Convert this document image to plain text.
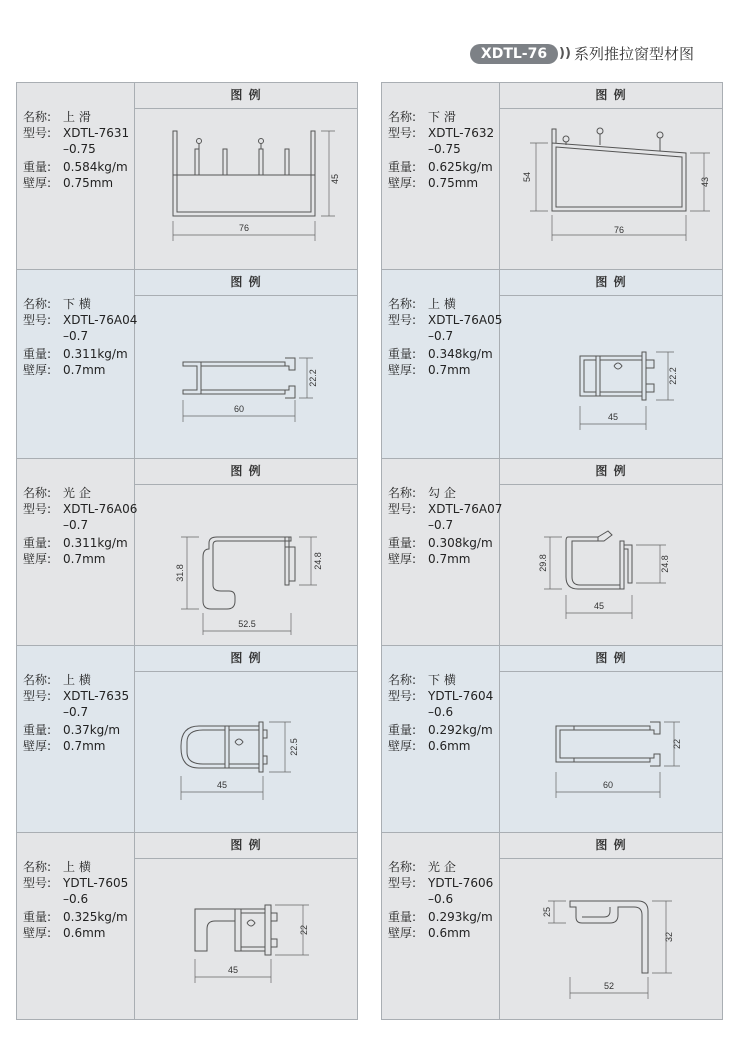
XDTL-76 )) 系列推拉窗型材图
名称: 上 滑
型号: XDTL-7631
–0.75
重量: 0.584kg/m
壁厚: 0.75mm
图 例
45
76
名称: 下 横
型号: XDTL-76A04
–0.7
重量: 0.311kg/m
壁厚: 0.7mm
图 例
22.2
60
名称: 光 企
型号: XDTL-76A06
–0.7
重量: 0.311kg/m
壁厚: 0.7mm
图 例
31.8
24.8
52.5
名称: 上 横
型号: XDTL-7635
–0.7
重量: 0.37kg/m
壁厚: 0.7mm
图 例
22.5
45
名称: 上 横
型号: YDTL-7605
–0.6
重量: 0.325kg/m
壁厚: 0.6mm
图 例
22
45
名称: 下 滑
型号: XDTL-7632
–0.75
重量: 0.625kg/m
壁厚: 0.75mm
图 例
54	43
76
名称: 上 横
型号: XDTL-76A05
–0.7
重量: 0.348kg/m
壁厚: 0.7mm
图 例
22.2
45
名称: 勾 企
型号: XDTL-76A07
–0.7
重量: 0.308kg/m
壁厚: 0.7mm
图 例
29.8	24.8
45
名称: 下 横
型号: YDTL-7604
–0.6
重量: 0.292kg/m
壁厚: 0.6mm
图 例
22
60
名称: 光 企
型号: YDTL-7606
–0.6
重量: 0.293kg/m
壁厚: 0.6mm
图 例
25
32
52
